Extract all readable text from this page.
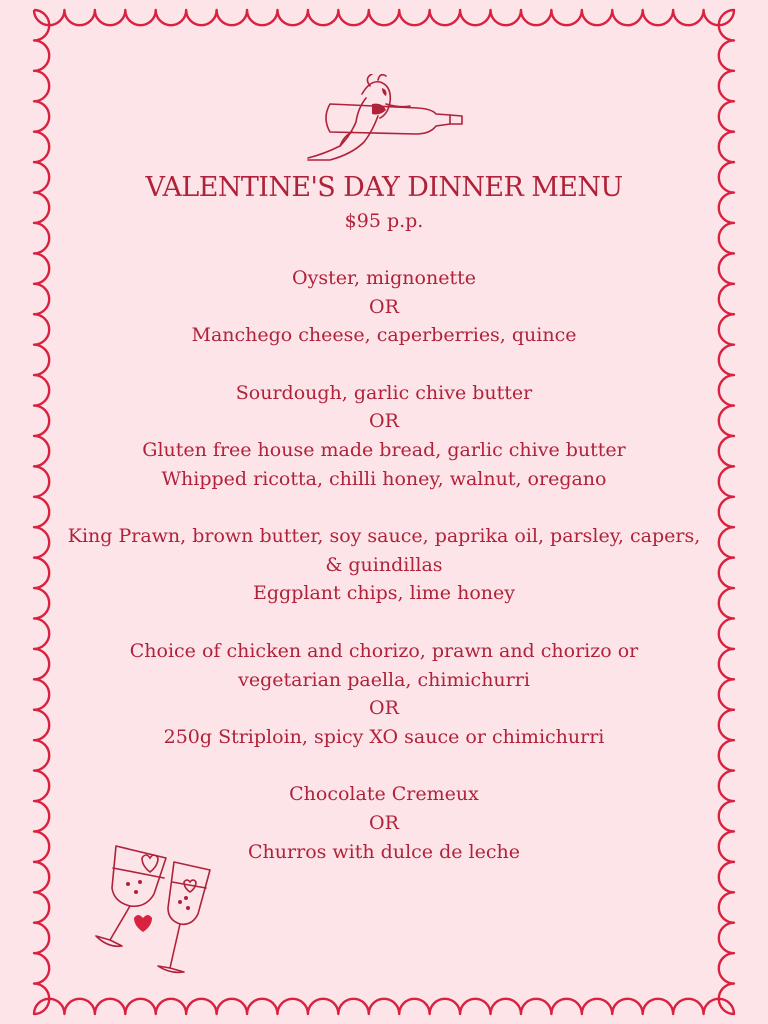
VALENTINE'S DAY DINNER MENU
$95 p.p.
Oyster, mignonette
OR
Manchego cheese, caperberries, quince
Sourdough, garlic chive butter
OR
Gluten free house made bread, garlic chive butter
Whipped ricotta, chilli honey, walnut, oregano
King Prawn, brown butter, soy sauce, paprika oil, parsley, capers,
& guindillas
Eggplant chips, lime honey
Choice of chicken and chorizo, prawn and chorizo or
vegetarian paella, chimichurri
OR
250g Striploin, spicy XO sauce or chimichurri
Chocolate Cremeux
OR
Churros with dulce de leche
